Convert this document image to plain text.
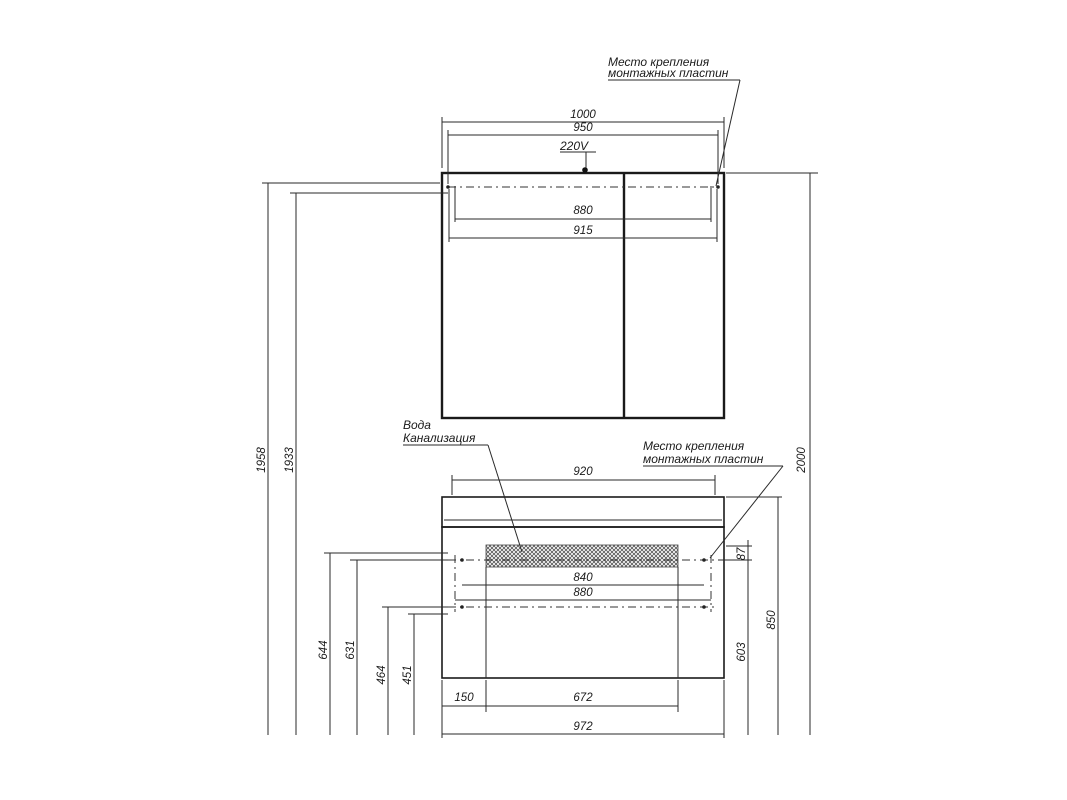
Место крепления
монтажных пластин
1000
950
220V
880
915
1958 1933	2000
Вода
Канализация
Место крепления
монтажных пластин
920
840
880
87
603
850
644 631
464 451
150	672
972
